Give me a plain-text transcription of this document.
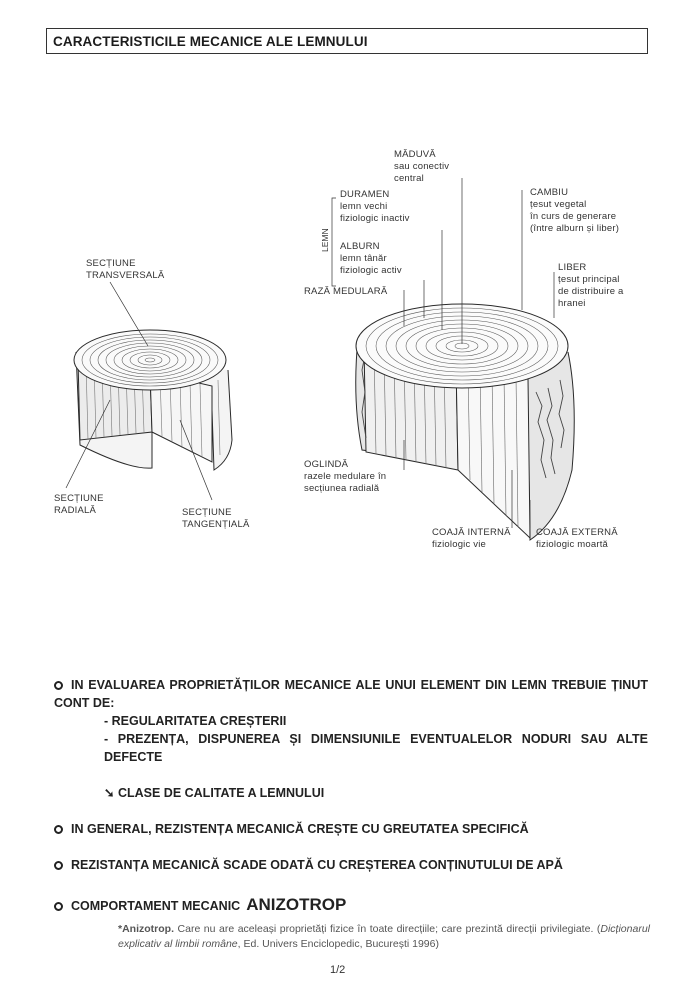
CARACTERISTICILE MECANICE ALE LEMNULUI
SECȚIUNE
TRANSVERSALĂ
SECȚIUNE
RADIALĂ	SECȚIUNE
TANGENȚIALĂ
MĂDUVĂ
sau conectiv
central
DURAMEN
lemn vechi
fiziologic inactiv
LEMN ALBURN
lemn tânăr
fiziologic activ
RAZĂ MEDULARĂ
CAMBIU
țesut vegetal
în curs de generare
(între alburn și liber)
LIBER
țesut principal
de distribuire a
hranei
OGLINDĂ
razele medulare în
secțiunea radială
COAJĂ INTERNĂ
fiziologic vie
COAJĂ EXTERNĂ
fiziologic moartă
IN EVALUAREA PROPRIETĂȚILOR MECANICE ALE UNUI ELEMENT DIN LEMN TREBUIE ȚINUT CONT DE:
- REGULARITATEA CREȘTERII
- PREZENȚA, DISPUNEREA ȘI DIMENSIUNILE EVENTUALELOR NODURI SAU ALTE DEFECTE
➘ CLASE DE CALITATE A LEMNULUI
IN GENERAL, REZISTENȚA MECANICĂ CREȘTE CU GREUTATEA SPECIFICĂ
REZISTANȚA MECANICĂ SCADE ODATĂ CU CREȘTEREA CONȚINUTULUI DE APĂ
COMPORTAMENT MECANIC ANIZOTROP
*Anizotrop. Care nu are aceleași proprietăți fizice în toate direcțiile; care prezintă direcții privilegiate. (Dicționarul explicativ al limbii române, Ed. Univers Enciclopedic, București 1996)
1/2
